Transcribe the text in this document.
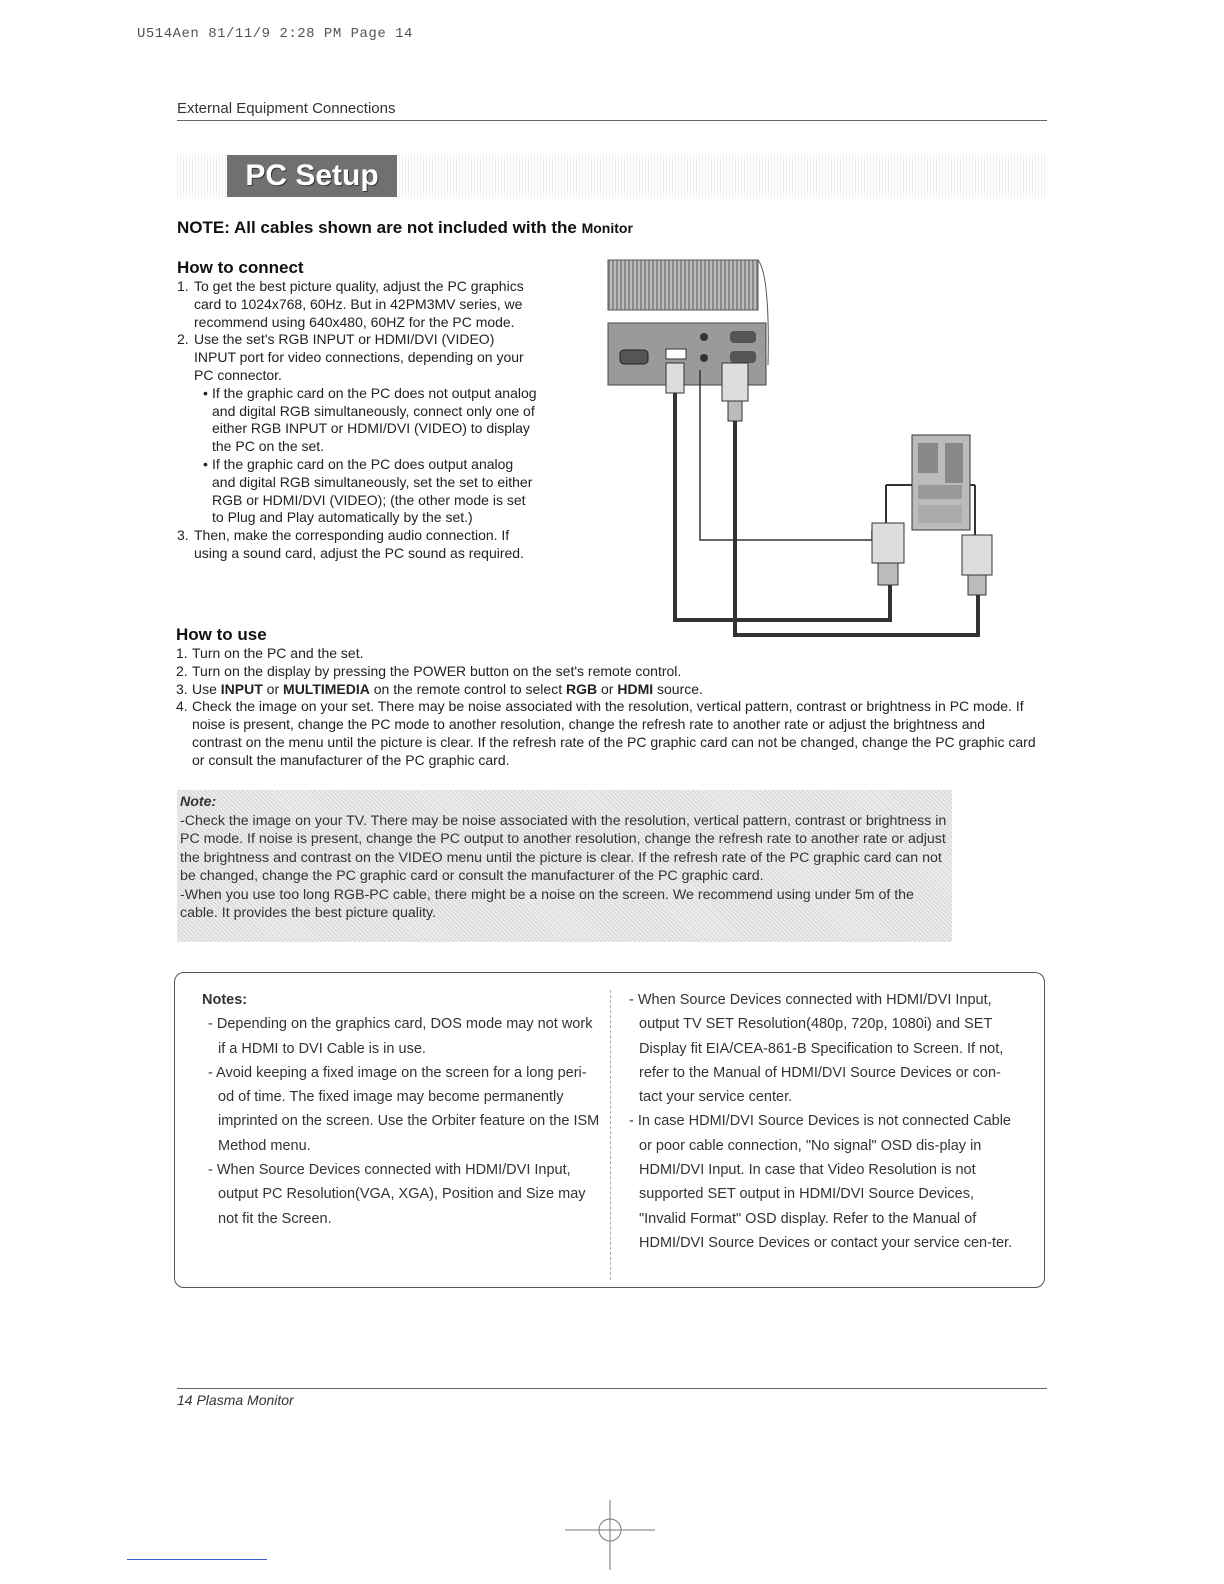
U514Aen 81/11/9 2:28 PM Page 14
External Equipment Connections
PC Setup
NOTE: All cables shown are not included with the Monitor
How to connect
1. To get the best picture quality, adjust the PC graphics card to 1024x768, 60Hz. But in 42PM3MV series, we recommend using 640x480, 60HZ for the PC mode.
2. Use the set's RGB INPUT or HDMI/DVI (VIDEO) INPUT port for video connections, depending on your PC connector.
• If the graphic card on the PC does not output analog and digital RGB simultaneously, connect only one of either RGB INPUT or HDMI/DVI (VIDEO) to display the PC on the set.
• If the graphic card on the PC does output analog and digital RGB simultaneously, set the set to either RGB or HDMI/DVI (VIDEO); (the other mode is set to Plug and Play automatically by the set.)
3. Then, make the corresponding audio connection. If using a sound card, adjust the PC sound as required.
How to use
1. Turn on the PC and the set.
2. Turn on the display by pressing the POWER button on the set's remote control.
3. Use INPUT or MULTIMEDIA on the remote control to select RGB or HDMI source.
4. Check the image on your set. There may be noise associated with the resolution, vertical pattern, contrast or brightness in PC mode. If noise is present, change the PC mode to another resolution, change the refresh rate to another rate or adjust the brightness and contrast on the menu until the picture is clear. If the refresh rate of the PC graphic card can not be changed, change the PC graphic card or consult the manufacturer of the PC graphic card.
Note:
-Check the image on your TV. There may be noise associated with the resolution, vertical pattern, contrast or brightness in PC mode. If noise is present, change the PC output to another resolution, change the refresh rate to another rate or adjust the brightness and contrast on the VIDEO menu until the picture is clear. If the refresh rate of the PC graphic card can not be changed, change the PC graphic card or consult the manufacturer of the PC graphic card.
-When you use too long RGB-PC cable, there might be a noise on the screen. We recommend using under 5m of the cable. It provides the best picture quality.
Notes:
- Depending on the graphics card, DOS mode may not work if a HDMI to DVI Cable is in use.
- Avoid keeping a fixed image on the screen for a long peri-od of time. The fixed image may become permanently imprinted on the screen. Use the Orbiter feature on the ISM Method menu.
- When Source Devices connected with HDMI/DVI Input, output PC Resolution(VGA, XGA), Position and Size may not fit the Screen.
- When Source Devices connected with HDMI/DVI Input, output TV SET Resolution(480p, 720p, 1080i) and SET Display fit EIA/CEA-861-B Specification to Screen. If not, refer to the Manual of HDMI/DVI Source Devices or con-tact your service center.
- In case HDMI/DVI Source Devices is not connected Cable or poor cable connection, "No signal" OSD dis-play in HDMI/DVI Input. In case that Video Resolution is not supported SET output in HDMI/DVI Source Devices, "Invalid Format" OSD display. Refer to the Manual of HDMI/DVI Source Devices or contact your service cen-ter.
14 Plasma Monitor
